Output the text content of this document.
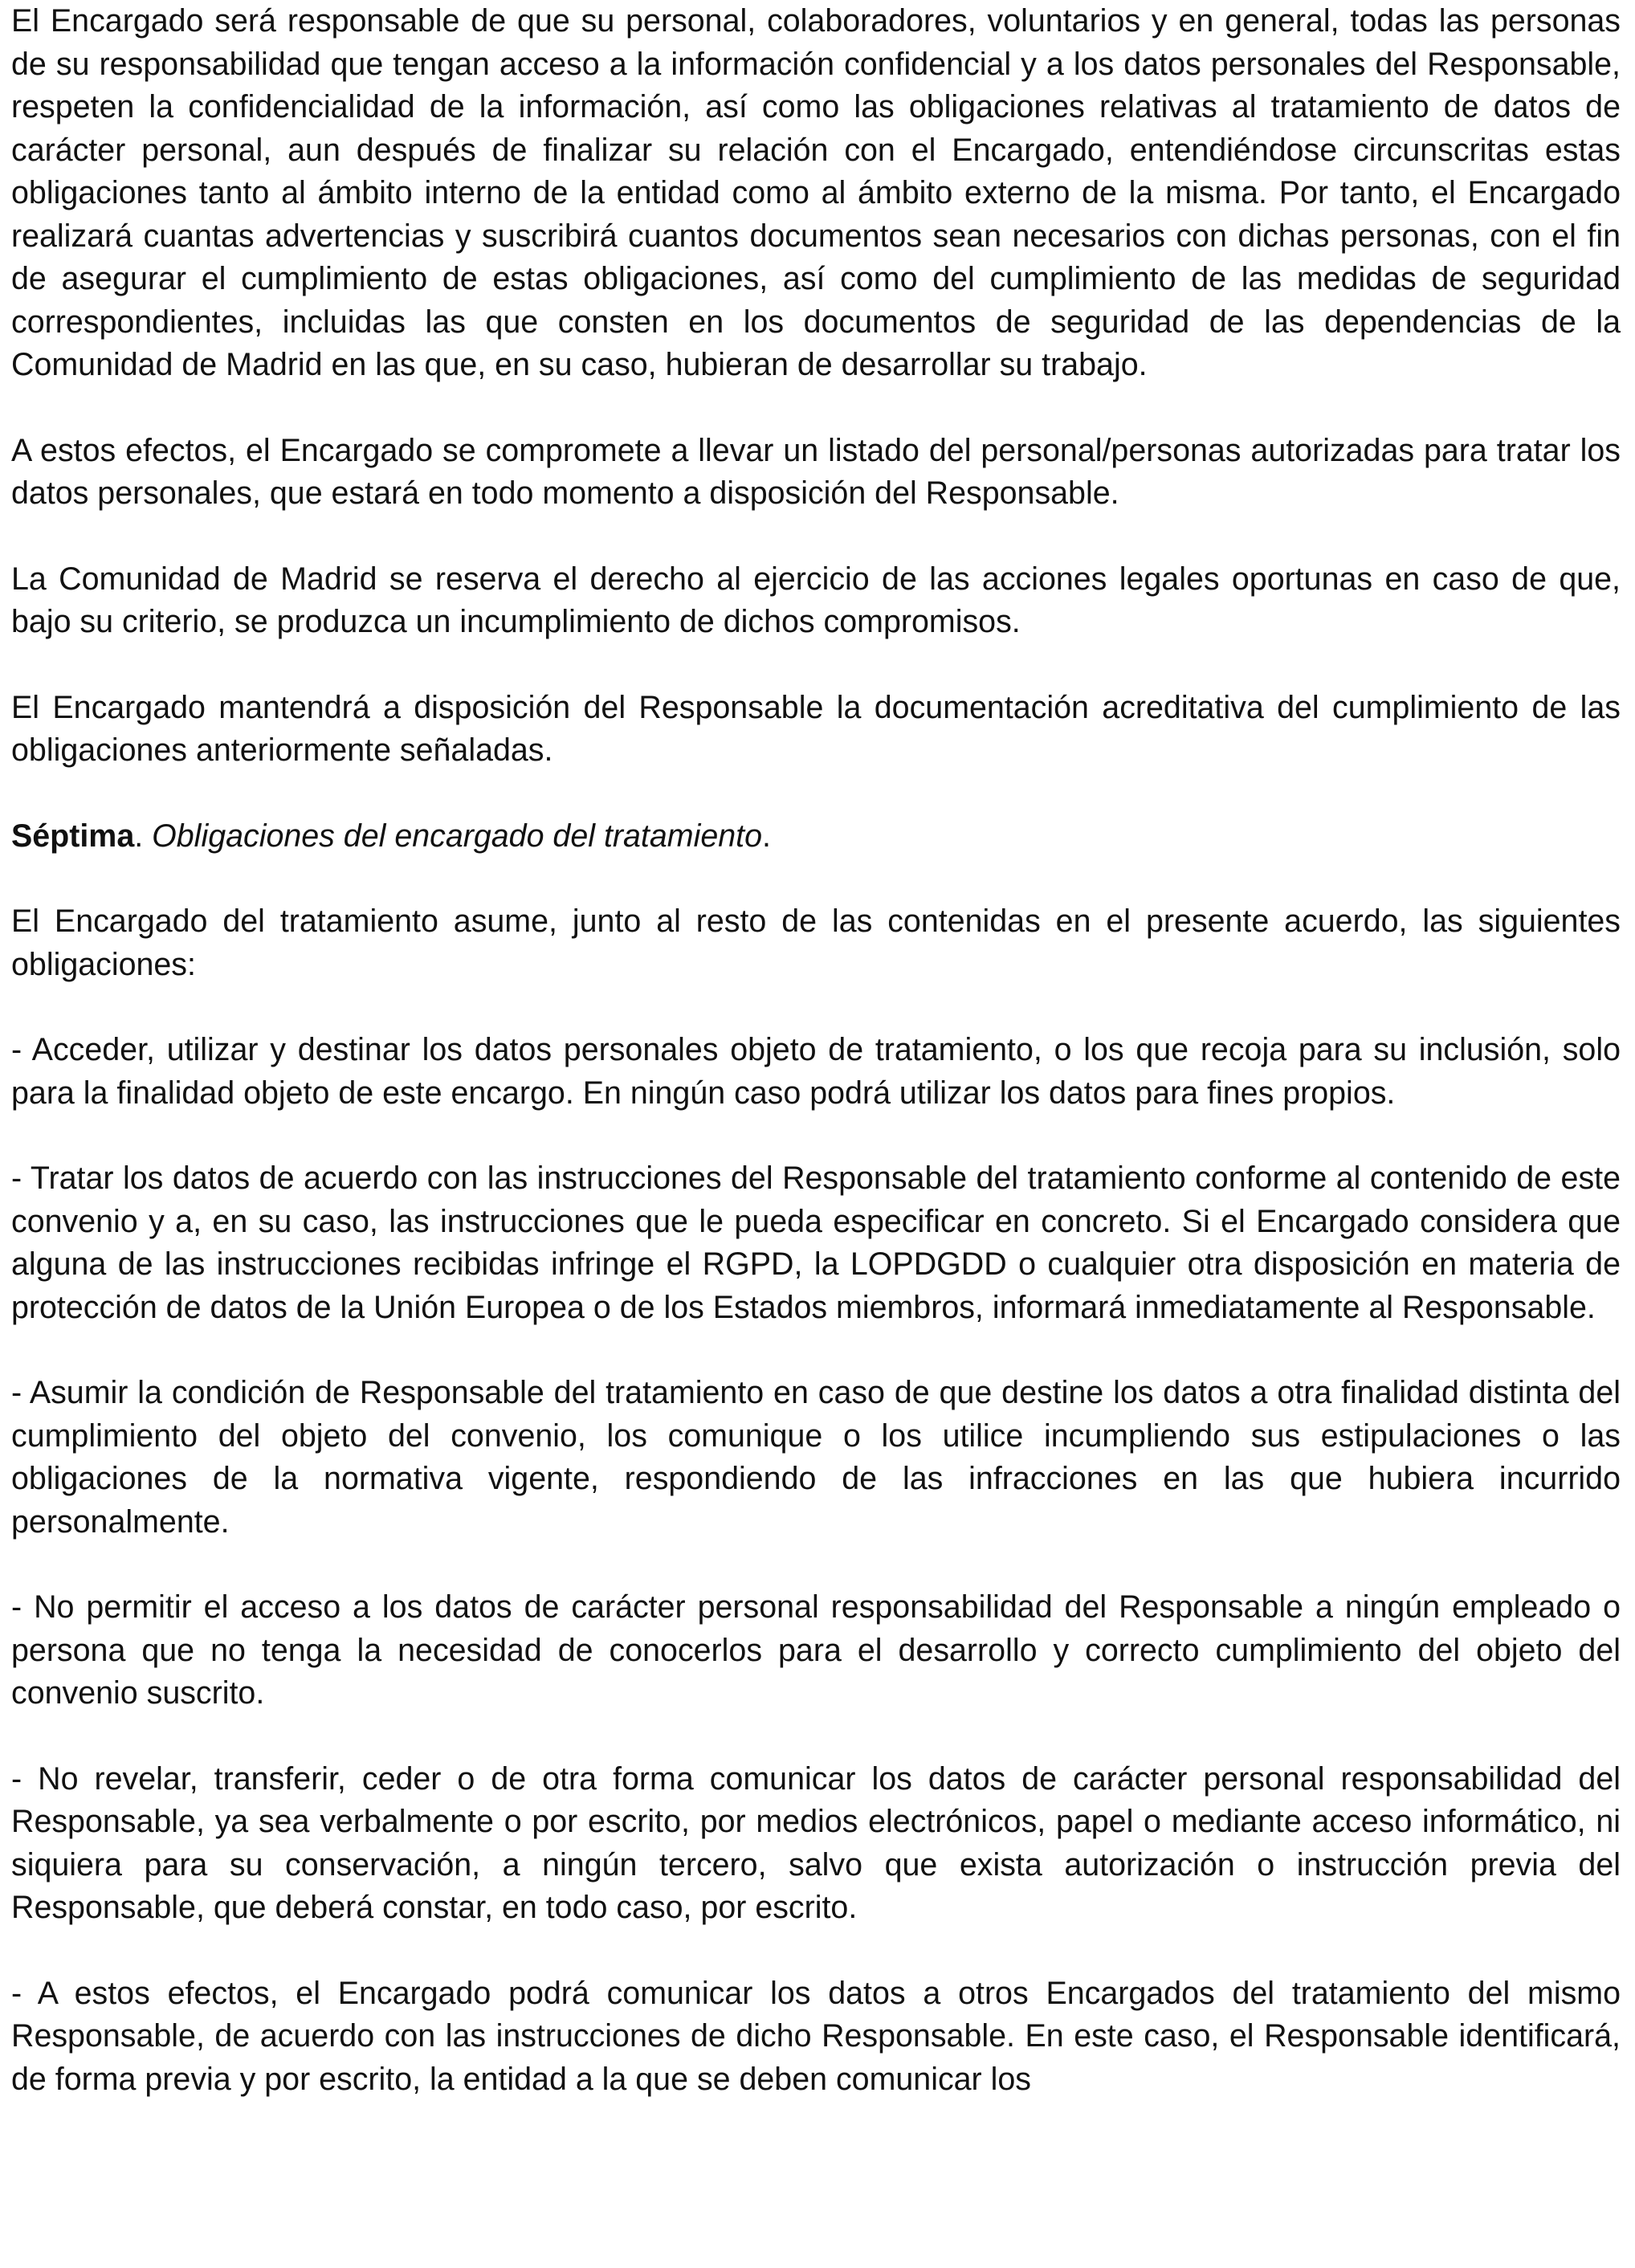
El Encargado será responsable de que su personal, colaboradores, voluntarios y en general, todas las personas de su responsabilidad que tengan acceso a la información confidencial y a los datos personales del Responsable, respeten la confidencialidad de la información, así como las obligaciones relativas al tratamiento de datos de carácter personal, aun después de finalizar su relación con el Encargado, entendiéndose circunscritas estas obligaciones tanto al ámbito interno de la entidad como al ámbito externo de la misma. Por tanto, el Encargado realizará cuantas advertencias y suscribirá cuantos documentos sean necesarios con dichas personas, con el fin de asegurar el cumplimiento de estas obligaciones, así como del cumplimiento de las medidas de seguridad correspondientes, incluidas las que consten en los documentos de seguridad de las dependencias de la Comunidad de Madrid en las que, en su caso, hubieran de desarrollar su trabajo.

A estos efectos, el Encargado se compromete a llevar un listado del personal/personas autorizadas para tratar los datos personales, que estará en todo momento a disposición del Responsable.

La Comunidad de Madrid se reserva el derecho al ejercicio de las acciones legales oportunas en caso de que, bajo su criterio, se produzca un incumplimiento de dichos compromisos.

El Encargado mantendrá a disposición del Responsable la documentación acreditativa del cumplimiento de las obligaciones anteriormente señaladas.

Séptima. Obligaciones del encargado del tratamiento.

El Encargado del tratamiento asume, junto al resto de las contenidas en el presente acuerdo, las siguientes obligaciones:

- Acceder, utilizar y destinar los datos personales objeto de tratamiento, o los que recoja para su inclusión, solo para la finalidad objeto de este encargo. En ningún caso podrá utilizar los datos para fines propios.

- Tratar los datos de acuerdo con las instrucciones del Responsable del tratamiento conforme al contenido de este convenio y a, en su caso, las instrucciones que le pueda especificar en concreto. Si el Encargado considera que alguna de las instrucciones recibidas infringe el RGPD, la LOPDGDD o cualquier otra disposición en materia de protección de datos de la Unión Europea o de los Estados miembros, informará inmediatamente al Responsable.

- Asumir la condición de Responsable del tratamiento en caso de que destine los datos a otra finalidad distinta del cumplimiento del objeto del convenio, los comunique o los utilice incumpliendo sus estipulaciones o las obligaciones de la normativa vigente, respondiendo de las infracciones en las que hubiera incurrido personalmente.

- No permitir el acceso a los datos de carácter personal responsabilidad del Responsable a ningún empleado o persona que no tenga la necesidad de conocerlos para el desarrollo y correcto cumplimiento del objeto del convenio suscrito.

- No revelar, transferir, ceder o de otra forma comunicar los datos de carácter personal responsabilidad del Responsable, ya sea verbalmente o por escrito, por medios electrónicos, papel o mediante acceso informático, ni siquiera para su conservación, a ningún tercero, salvo que exista autorización o instrucción previa del Responsable, que deberá constar, en todo caso, por escrito.

- A estos efectos, el Encargado podrá comunicar los datos a otros Encargados del tratamiento del mismo Responsable, de acuerdo con las instrucciones de dicho Responsable. En este caso, el Responsable identificará, de forma previa y por escrito, la entidad a la que se deben comunicar los
